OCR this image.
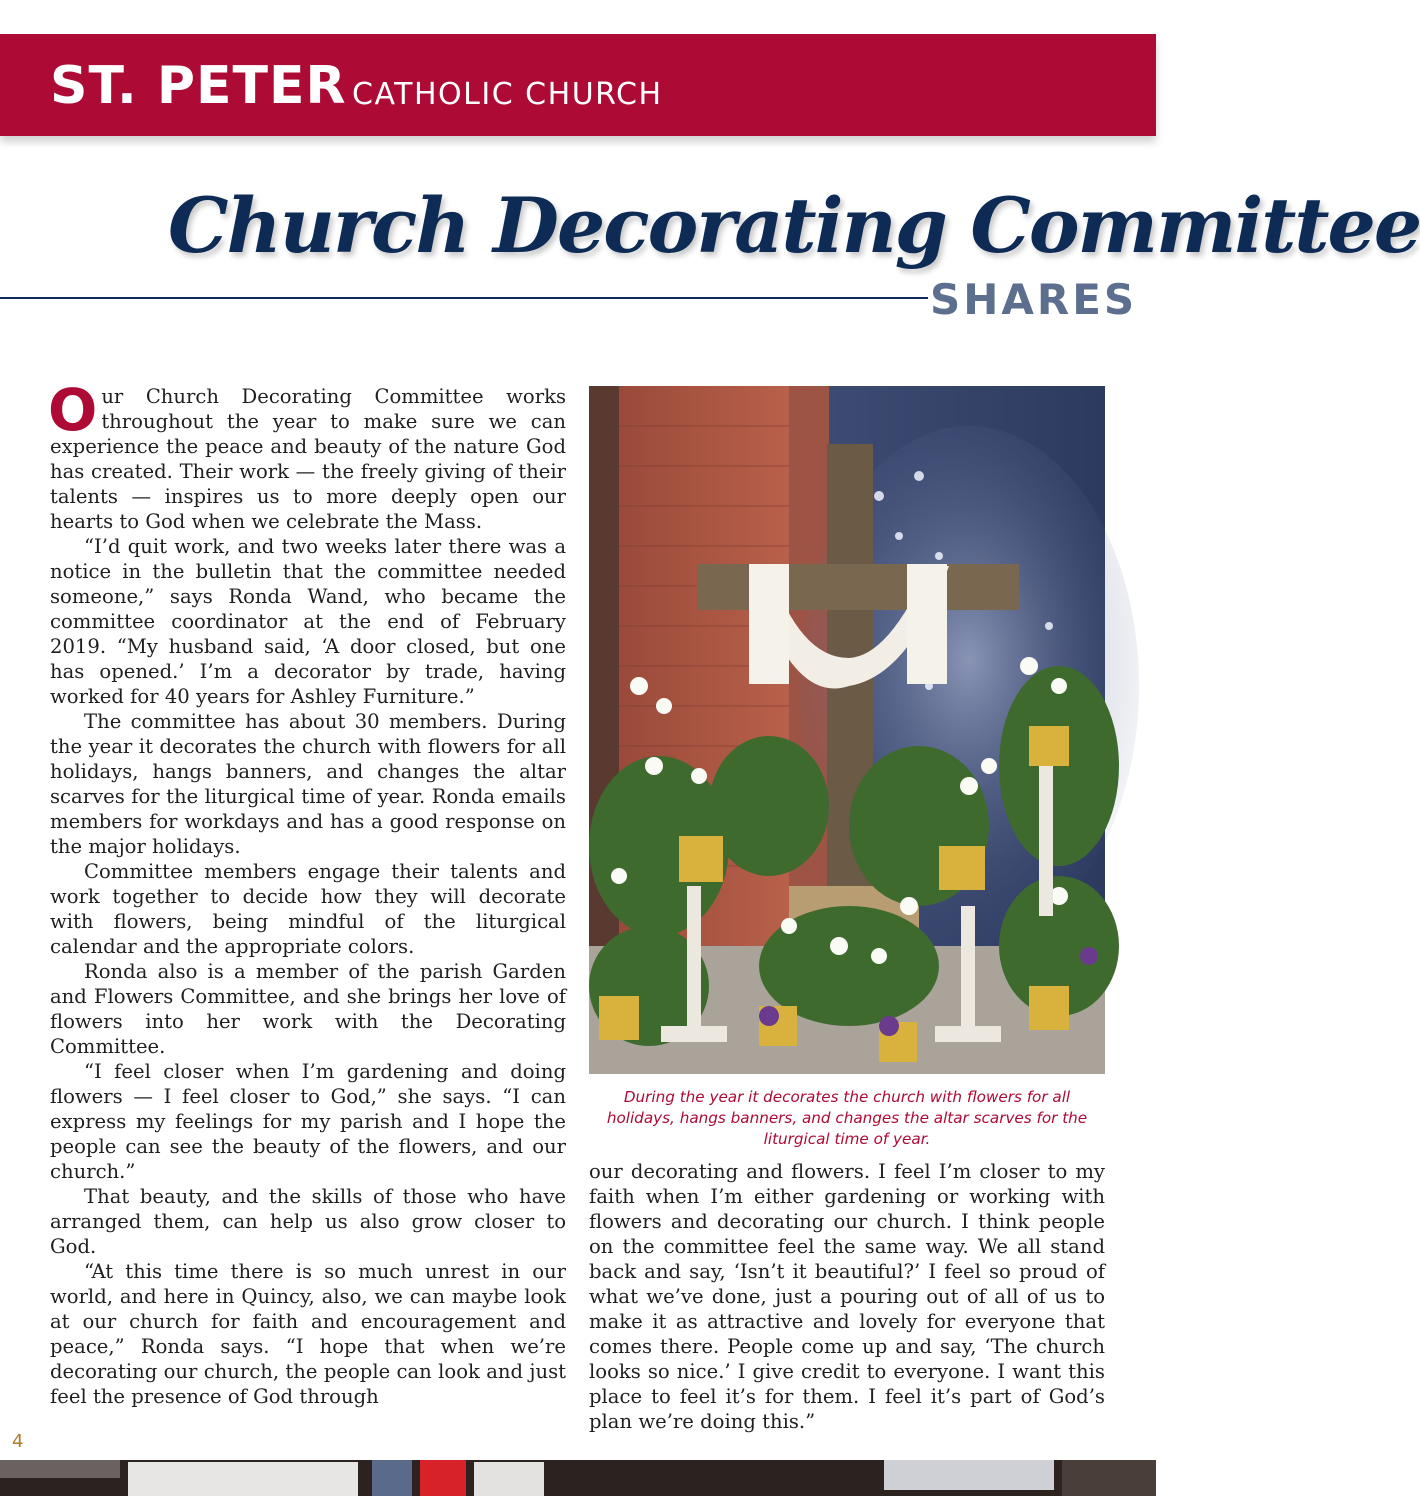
ST. PETER CATHOLIC CHURCH
Church Decorating Committee
SHARES

Our Church Decorating Committee works throughout the year to make sure we can experience the peace and beauty of the nature God has created. Their work — the freely giving of their talents — inspires us to more deeply open our hearts to God when we celebrate the Mass.

“I’d quit work, and two weeks later there was a notice in the bulletin that the committee needed someone,” says Ronda Wand, who became the committee coordinator at the end of February 2019. “My husband said, ‘A door closed, but one has opened.’ I’m a decorator by trade, having worked for 40 years for Ashley Furniture.”

The committee has about 30 members. During the year it decorates the church with flowers for all holidays, hangs banners, and changes the altar scarves for the liturgical time of year. Ronda emails members for workdays and has a good response on the major holidays.

Committee members engage their talents and work together to decide how they will decorate with flowers, being mindful of the liturgical calendar and the appropriate colors.

Ronda also is a member of the parish Garden and Flowers Committee, and she brings her love of flowers into her work with the Decorating Committee.

“I feel closer when I’m gardening and doing flowers — I feel closer to God,” she says. “I can express my feelings for my parish and I hope the people can see the beauty of the flowers, and our church.”

That beauty, and the skills of those who have arranged them, can help us also grow closer to God.

“At this time there is so much unrest in our world, and here in Quincy, also, we can maybe look at our church for faith and encouragement and peace,” Ronda says. “I hope that when we’re decorating our church, the people can look and just feel the presence of God through

During the year it decorates the church with flowers for all holidays, hangs banners, and changes the altar scarves for the liturgical time of year.

our decorating and flowers. I feel I’m closer to my faith when I’m either gardening or working with flowers and decorating our church. I think people on the committee feel the same way. We all stand back and say, ‘Isn’t it beautiful?’ I feel so proud of what we’ve done, just a pouring out of all of us to make it as attractive and lovely for everyone that comes there. People come up and say, ‘The church looks so nice.’ I give credit to everyone. I want this place to feel it’s for them. I feel it’s part of God’s plan we’re doing this.”

4
